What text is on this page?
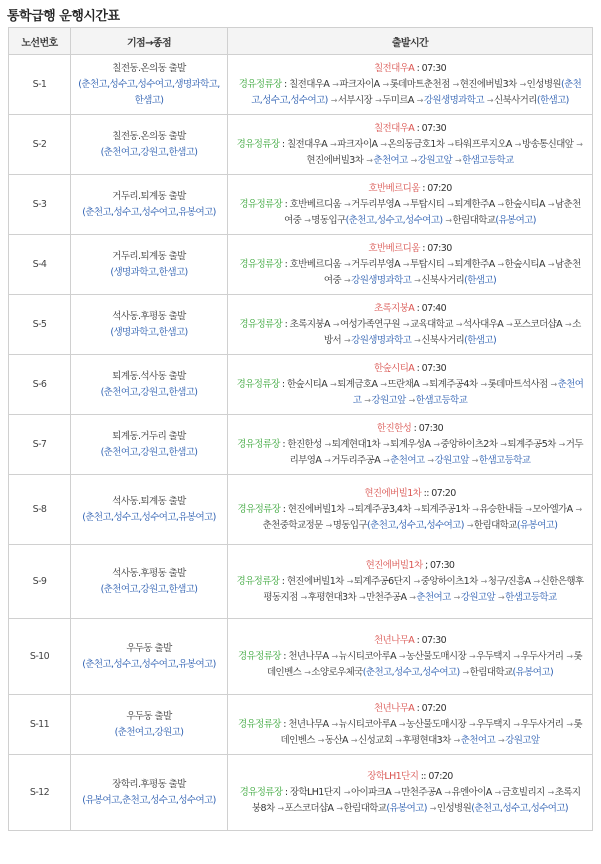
통학급행 운행시간표
노선번호	기점→종점	출발시간
S-1	
칠전동.온의동 출발
(춘천고,성수고,성수여고,생명과학고,한샘고)

칠전대우A : 07:30
경유정류장 : 칠전대우A →파크자이A →롯데마트춘천점 →현진에버빌3차 →인성병원(춘천고,성수고,성수여고) →서부시장 →두미르A →강원생명과학고 →신북사거리(한샘고)

S-2	
칠전동.온의동 출발
(춘천여고,강원고,한샘고)

칠전대우A : 07:30
경유정류장 : 칠전대우A →파크자이A →온의동금호1차 →타워프루지오A →방송통신대앞 →현진에버빌3차 →춘천여고 →강원고앞 →한샘고등학교

S-3	
거두리.퇴계동 출발
(춘천고,성수고,성수여고,유봉여고)

호반베르디움 : 07:20
경유정류장 : 호반베르디움 →거두리부영A →투탑시티 →퇴계한주A →한숲시티A →남춘천여중 →명동입구(춘천고,성수고,성수여고) →한림대학교(유봉여고)

S-4	
거두리.퇴계동 출발
(생명과학고,한샘고)

호반베르디움 : 07:30
경유정류장 : 호반베르디움 →거두리부영A →투탑시티 →퇴계한주A →한숲시티A →남춘천여중 →강원생명과학고 →신북사거리(한샘고)

S-5	
석사동.후평동 출발
(생명과학고,한샘고)

초록지붕A : 07:40
경유정류장 : 초록지붕A →여성가족연구원 →교육대학교 →석사대우A →포스코더샵A →소방서 →강원생명과학고 →신북사거리(한샘고)

S-6	
퇴계동.석사동 출발
(춘천여고,강원고,한샘고)

한숲시티A : 07:30
경유정류장 : 한숲시티A →퇴계금호A →뜨란채A →퇴계주공4차 →롯데마트석사점 →춘천여고 →강원고앞 →한샘고등학교

S-7	
퇴계동.거두리 출발
(춘천여고,강원고,한샘고)

한진한성 : 07:30
경유정류장 : 한진한성 →퇴계현대1차 →퇴계우성A →중앙하이츠2차 →퇴계주공5차 →거두리부영A →거두리주공A →춘천여고 →강원고앞 →한샘고등학교

S-8	
석사동.퇴계동 출발
(춘천고,성수고,성수여고,유봉여고)

현진에버빌1차 :: 07:20
경유정류장 : 현진에버빌1차 →퇴계주공3,4차 →퇴계주공1차 →유승한내들 →모아엘가A →춘천중학교정문 →명동입구(춘천고,성수고,성수여고) →한림대학교(유봉여고)

S-9	
석사동.후평동 출발
(춘천여고,강원고,한샘고)

현진에버빌1차 ; 07:30
경유정류장 : 현진에버빌1차 →퇴계주공6단지 →중앙하이츠1차 →청구/진흥A →신한은행후평동지점 →후평현대3차 →만천주공A →춘천여고 →강원고앞 →한샘고등학교

S-10	
우두동 출발
(춘천고,성수고,성수여고,유봉여고)

천년나무A : 07:30
경유정류장 : 천년나무A →뉴시티코아루A →농산물도매시장 →우두택지 →우두사거리 →롯데인벤스 →소양로우체국(춘천고,성수고,성수여고) →한림대학교(유봉여고)

S-11	
우두동 출발
(춘천여고,강원고)

천년나무A : 07:20
경유정류장 : 천년나무A →뉴시티코아루A →농산물도매시장 →우두택지 →우두사거리 →롯데인벤스 →동산A →신성교회 →후평현대3차 →춘천여고 →강원고앞

S-12	
장학리.후평동 출발
(유봉여고,춘천고,성수고,성수여고)

장학LH1단지 :: 07:20
경유정류장 : 장학LH1단지 →아이파크A →만천주공A →유엔아이A →금호빌리지 →초록지붕8차 →포스코더샵A →한림대학교(유봉여고) →인성병원(춘천고,성수고,성수여고)
